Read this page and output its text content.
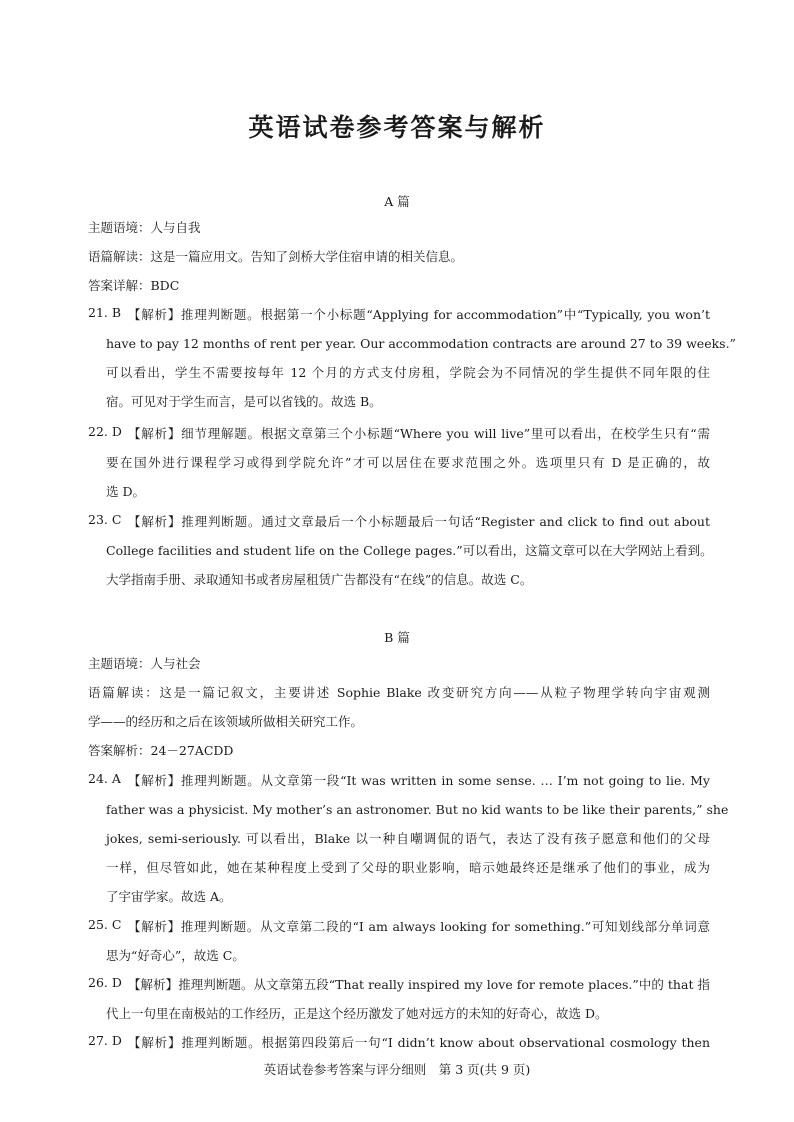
英语试卷参考答案与解析
A 篇
主题语境：人与自我
语篇解读：这是一篇应用文。告知了剑桥大学住宿申请的相关信息。
答案详解：BDC
21. B 【解析】推理判断题。根据第一个小标题“Applying for accommodation”中“Typically, you won’t
have to pay 12 months of rent per year. Our accommodation contracts are around 27 to 39 weeks.”
可以看出，学生不需要按每年 12 个月的方式支付房租，学院会为不同情况的学生提供不同年限的住
宿。可见对于学生而言，是可以省钱的。故选 B。
22. D 【解析】细节理解题。根据文章第三个小标题“Where you will live”里可以看出，在校学生只有“需
要在国外进行课程学习或得到学院允许”才可以居住在要求范围之外。选项里只有 D 是正确的，故
选 D。
23. C 【解析】推理判断题。通过文章最后一个小标题最后一句话“Register and click to find out about
College facilities and student life on the College pages.”可以看出，这篇文章可以在大学网站上看到。
大学指南手册、录取通知书或者房屋租赁广告都没有“在线”的信息。故选 C。
B 篇
主题语境：人与社会
语篇解读：这是一篇记叙文，主要讲述 Sophie Blake 改变研究方向——从粒子物理学转向宇宙观测
学——的经历和之后在该领域所做相关研究工作。
答案解析：24－27ACDD
24. A 【解析】推理判断题。从文章第一段“It was written in some sense. … I’m not going to lie. My
father was a physicist. My mother’s an astronomer. But no kid wants to be like their parents,” she
jokes, semi-seriously. 可以看出，Blake 以一种自嘲调侃的语气，表达了没有孩子愿意和他们的父母
一样，但尽管如此，她在某种程度上受到了父母的职业影响，暗示她最终还是继承了他们的事业，成为
了宇宙学家。故选 A。
25. C 【解析】推理判断题。从文章第二段的“I am always looking for something.”可知划线部分单词意
思为“好奇心”，故选 C。
26. D 【解析】推理判断题。从文章第五段“That really inspired my love for remote places.”中的 that 指
代上一句里在南极站的工作经历，正是这个经历激发了她对远方的未知的好奇心，故选 D。
27. D 【解析】推理判断题。根据第四段第后一句“I didn’t know about observational cosmology then
英语试卷参考答案与评分细则　第 3 页(共 9 页)
